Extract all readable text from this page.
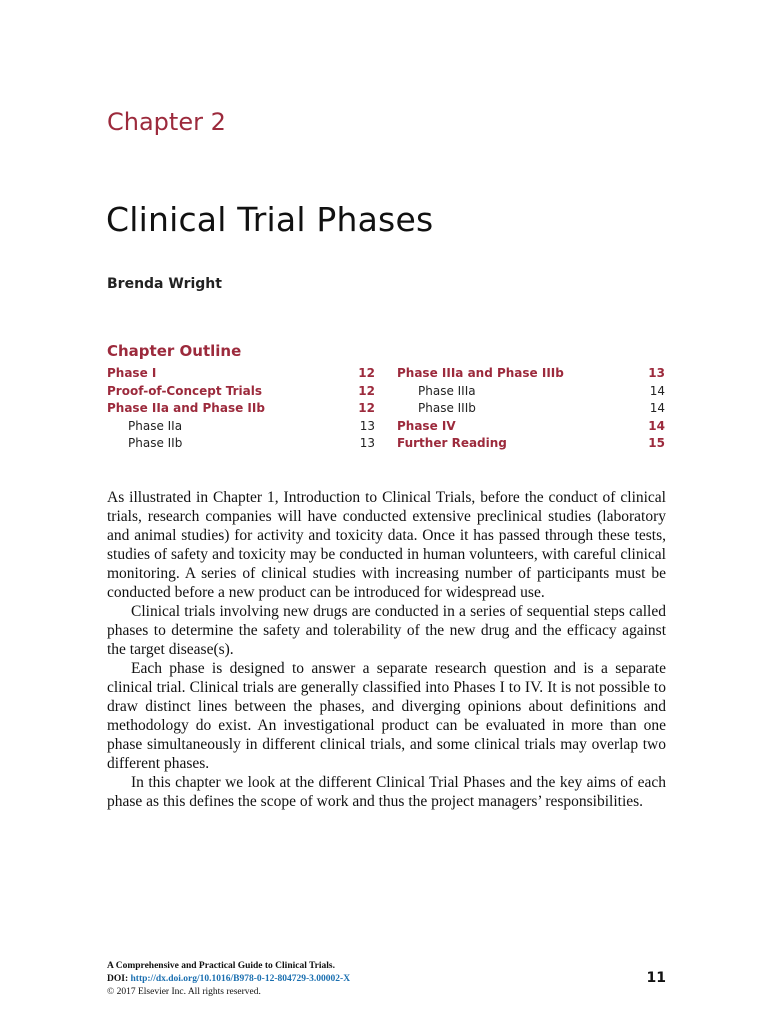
Chapter 2
Clinical Trial Phases
Brenda Wright
Chapter Outline
Phase I	12
Proof-of-Concept Trials	12
Phase IIa and Phase IIb	12
Phase IIa	13
Phase IIb	13
Phase IIIa and Phase IIIb	13
Phase IIIa	14
Phase IIIb	14
Phase IV	14
Further Reading	15

As illustrated in Chapter 1, Introduction to Clinical Trials, before the conduct of clinical trials, research companies will have conducted extensive preclinical studies (laboratory and animal studies) for activity and toxicity data. Once it has passed through these tests, studies of safety and toxicity may be conducted in human volunteers, with careful clinical monitoring. A series of clinical studies with increasing number of participants must be conducted before a new product can be introduced for widespread use.

Clinical trials involving new drugs are conducted in a series of sequential steps called phases to determine the safety and tolerability of the new drug and the efficacy against the target disease(s).

Each phase is designed to answer a separate research question and is a separate clinical trial. Clinical trials are generally classified into Phases I to IV. It is not possible to draw distinct lines between the phases, and diverging opinions about definitions and methodology do exist. An investigational product can be evaluated in more than one phase simultaneously in different clinical trials, and some clinical trials may overlap two different phases.

In this chapter we look at the different Clinical Trial Phases and the key aims of each phase as this defines the scope of work and thus the project managers’ responsibilities.

A Comprehensive and Practical Guide to Clinical Trials.
DOI: http://dx.doi.org/10.1016/B978-0-12-804729-3.00002-X
© 2017 Elsevier Inc. All rights reserved.
11
